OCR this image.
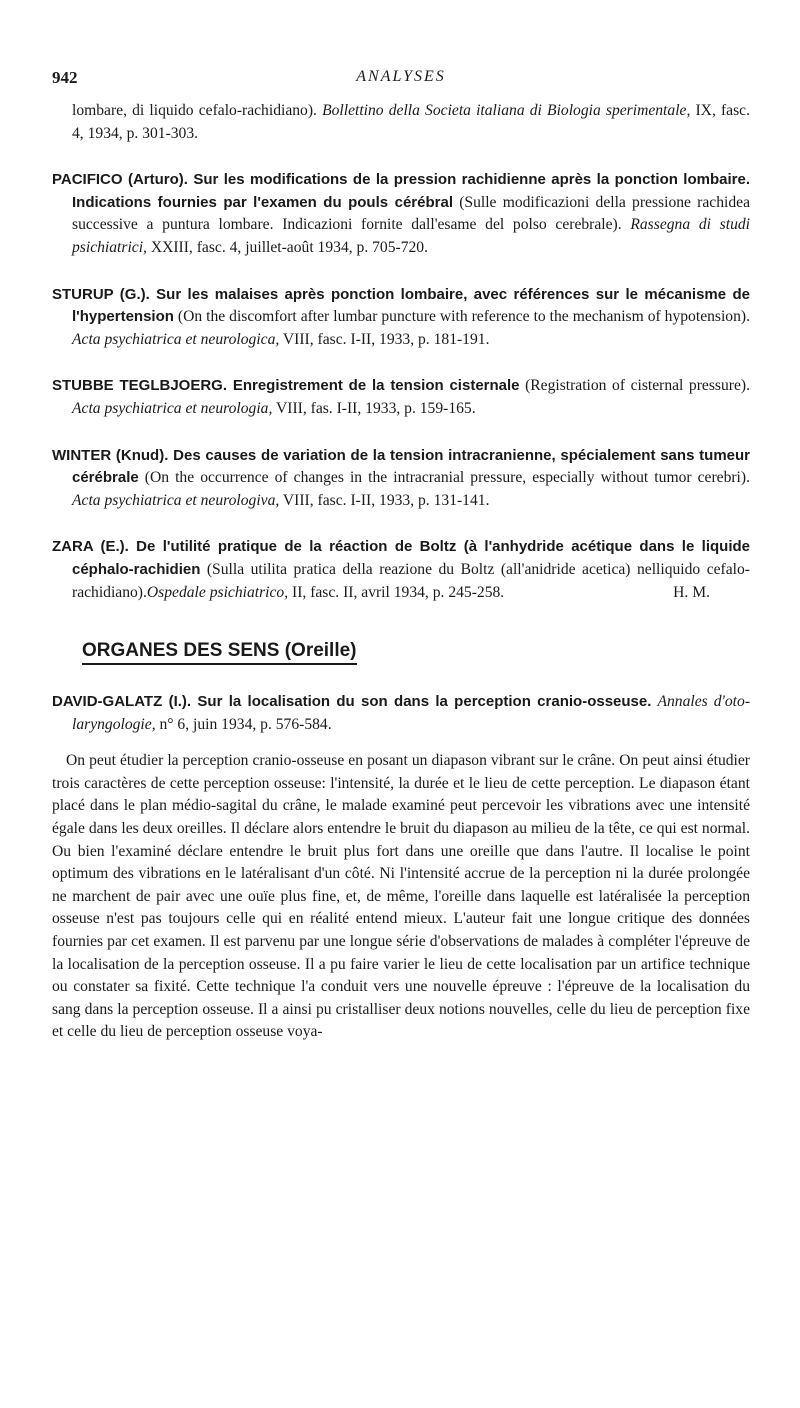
942	ANALYSES

lombare, di liquido cefalo-rachidiano). Bollettino della Societa italiana di Biologia sperimentale, IX, fasc. 4, 1934, p. 301-303.

PACIFICO (Arturo). Sur les modifications de la pression rachidienne après la ponction lombaire. Indications fournies par l'examen du pouls cérébral (Sulle modificazioni della pressione rachidea successive a puntura lombare. Indicazioni fornite dall'esame del polso cerebrale). Rassegna di studi psichiatrici, XXIII, fasc. 4, juillet-août 1934, p. 705-720.

STURUP (G.). Sur les malaises après ponction lombaire, avec références sur le mécanisme de l'hypertension (On the discomfort after lumbar puncture with reference to the mechanism of hypotension). Acta psychiatrica et neurologica, VIII, fasc. I-II, 1933, p. 181-191.

STUBBE TEGLBJOERG. Enregistrement de la tension cisternale (Registration of cisternal pressure). Acta psychiatrica et neurologia, VIII, fas. I-II, 1933, p. 159-165.

WINTER (Knud). Des causes de variation de la tension intracranienne, spécialement sans tumeur cérébrale (On the occurrence of changes in the intracranial pressure, especially without tumor cerebri). Acta psychiatrica et neurologiva, VIII, fasc. I-II, 1933, p. 131-141.

ZARA (E.). De l'utilité pratique de la réaction de Boltz (à l'anhydride acétique dans le liquide céphalo-rachidien (Sulla utilita pratica della reazione du Boltz (all'anidride acetica) nelliquido cefalo-rachidiano).Ospedale psichiatrico, II, fasc. II, avril 1934, p. 245-258.	H. M.

ORGANES DES SENS (Oreille)

DAVID-GALATZ (I.). Sur la localisation du son dans la perception cranio-osseuse. Annales d'oto-laryngologie, n° 6, juin 1934, p. 576-584.

On peut étudier la perception cranio-osseuse en posant un diapason vibrant sur le crâne. On peut ainsi étudier trois caractères de cette perception osseuse: l'intensité, la durée et le lieu de cette perception. Le diapason étant placé dans le plan médio-sagital du crâne, le malade examiné peut percevoir les vibrations avec une intensité égale dans les deux oreilles. Il déclare alors entendre le bruit du diapason au milieu de la tête, ce qui est normal. Ou bien l'examiné déclare entendre le bruit plus fort dans une oreille que dans l'autre. Il localise le point optimum des vibrations en le latéralisant d'un côté. Ni l'intensité accrue de la perception ni la durée prolongée ne marchent de pair avec une ouïe plus fine, et, de même, l'oreille dans laquelle est latéralisée la perception osseuse n'est pas toujours celle qui en réalité entend mieux. L'auteur fait une longue critique des données fournies par cet examen. Il est parvenu par une longue série d'observations de malades à compléter l'épreuve de la localisation de la perception osseuse. Il a pu faire varier le lieu de cette localisation par un artifice technique ou constater sa fixité. Cette technique l'a conduit vers une nouvelle épreuve : l'épreuve de la localisation du sang dans la perception osseuse. Il a ainsi pu cristalliser deux notions nouvelles, celle du lieu de perception fixe et celle du lieu de perception osseuse voya-
